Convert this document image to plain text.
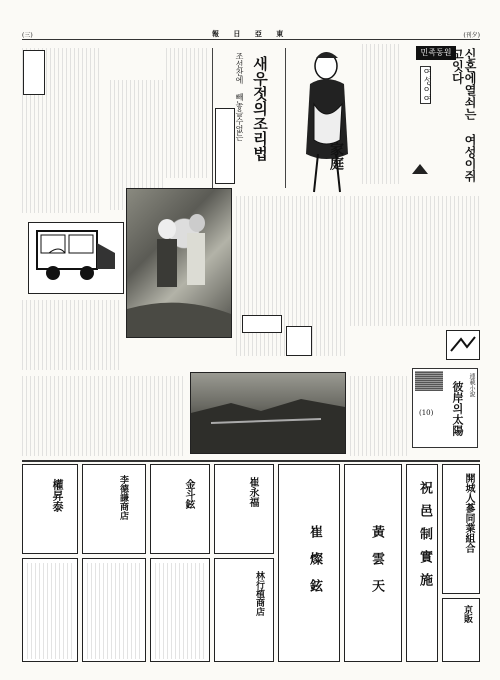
(三)	報 日 亞 東	(刊夕)
조선찬에 빼놓을수없는 새우젓의조리법	家庭
민족동원 신혼에열쇠는 여성이쥐고잇다
여성이여
連載小說
彼岸의太陽
(10)
權昇泰	李德謙商店	金斗鉉	崔永福
林行植商店	崔燦鉉	黃雲天	祝邑制實施	開城人蔘同業組合
京販
